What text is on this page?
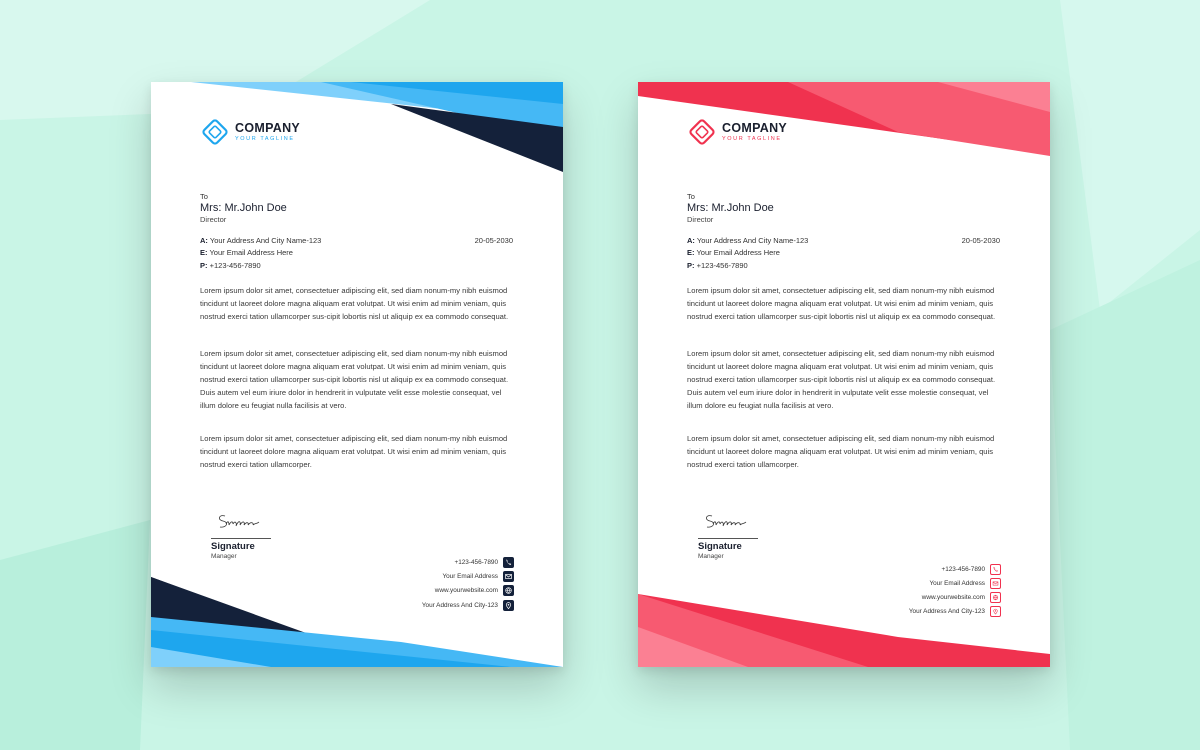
COMPANY
YOUR TAGLINE
To
Mrs: Mr.John Doe
Director
A: Your Address And City Name-123
E: Your Email Address Here
P: +123-456-7890
20-05-2030

Lorem ipsum dolor sit amet, consectetuer adipiscing elit, sed diam nonum-my nibh euismod tincidunt ut laoreet dolore magna aliquam erat volutpat. Ut wisi enim ad minim veniam, quis nostrud exerci tation ullamcorper sus-cipit lobortis nisl ut aliquip ex ea commodo consequat.

Lorem ipsum dolor sit amet, consectetuer adipiscing elit, sed diam nonum-my nibh euismod tincidunt ut laoreet dolore magna aliquam erat volutpat. Ut wisi enim ad minim veniam, quis nostrud exerci tation ullamcorper sus-cipit lobortis nisl ut aliquip ex ea commodo consequat. Duis autem vel eum iriure dolor in hendrerit in vulputate velit esse molestie consequat, vel illum dolore eu feugiat nulla facilisis at vero.

Lorem ipsum dolor sit amet, consectetuer adipiscing elit, sed diam nonum-my nibh euismod tincidunt ut laoreet dolore magna aliquam erat volutpat. Ut wisi enim ad minim veniam, quis nostrud exerci tation ullamcorper.

Signature
Manager
+123-456-7890
Your Email Address
www.yourwebsite.com
Your Address And City-123
COMPANY
YOUR TAGLINE
To
Mrs: Mr.John Doe
Director
A: Your Address And City Name-123
E: Your Email Address Here
P: +123-456-7890
20-05-2030

Lorem ipsum dolor sit amet, consectetuer adipiscing elit, sed diam nonum-my nibh euismod tincidunt ut laoreet dolore magna aliquam erat volutpat. Ut wisi enim ad minim veniam, quis nostrud exerci tation ullamcorper sus-cipit lobortis nisl ut aliquip ex ea commodo consequat.

Lorem ipsum dolor sit amet, consectetuer adipiscing elit, sed diam nonum-my nibh euismod tincidunt ut laoreet dolore magna aliquam erat volutpat. Ut wisi enim ad minim veniam, quis nostrud exerci tation ullamcorper sus-cipit lobortis nisl ut aliquip ex ea commodo consequat. Duis autem vel eum iriure dolor in hendrerit in vulputate velit esse molestie consequat, vel illum dolore eu feugiat nulla facilisis at vero.

Lorem ipsum dolor sit amet, consectetuer adipiscing elit, sed diam nonum-my nibh euismod tincidunt ut laoreet dolore magna aliquam erat volutpat. Ut wisi enim ad minim veniam, quis nostrud exerci tation ullamcorper.

Signature
Manager
+123-456-7890
Your Email Address
www.yourwebsite.com
Your Address And City-123
